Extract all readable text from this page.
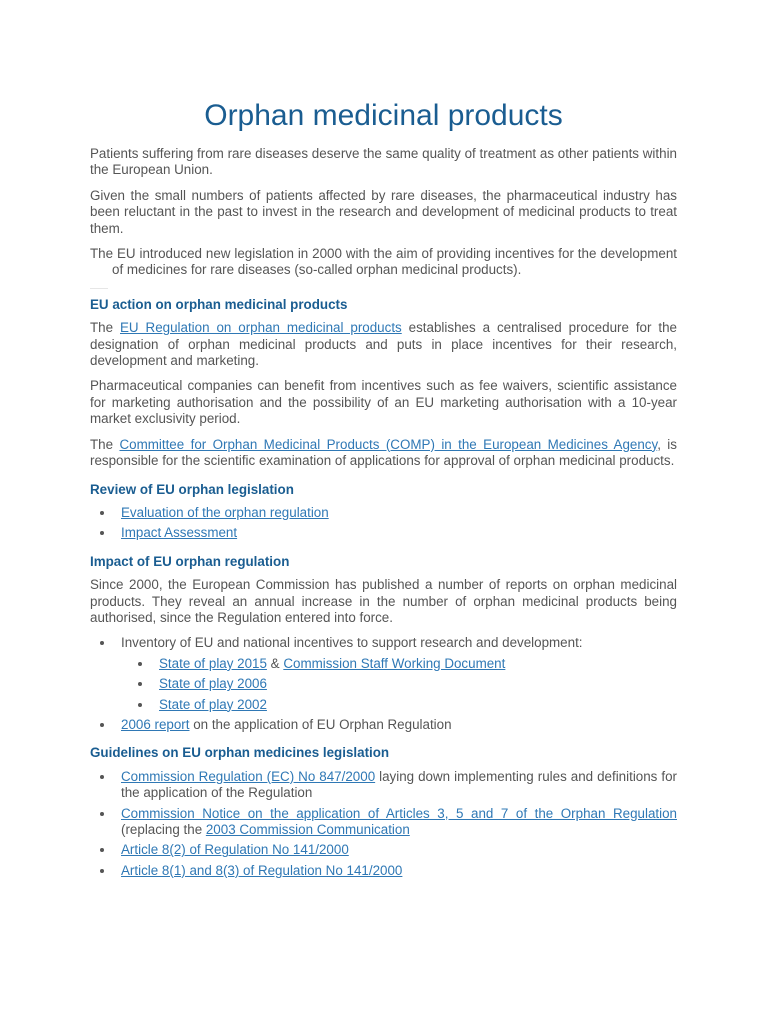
Orphan medicinal products

Patients suffering from rare diseases deserve the same quality of treatment as other patients within the European Union.

Given the small numbers of patients affected by rare diseases, the pharmaceutical industry has been reluctant in the past to invest in the research and development of medicinal products to treat them.

The EU introduced new legislation in 2000 with the aim of providing incentives for the development of medicines for rare diseases (so-called orphan medicinal products).

EU action on orphan medicinal products

The EU Regulation on orphan medicinal products establishes a centralised procedure for the designation of orphan medicinal products and puts in place incentives for their research, development and marketing.

Pharmaceutical companies can benefit from incentives such as fee waivers, scientific assistance for marketing authorisation and the possibility of an EU marketing authorisation with a 10-year market exclusivity period.

The Committee for Orphan Medicinal Products (COMP) in the European Medicines Agency, is responsible for the scientific examination of applications for approval of orphan medicinal products.

Review of EU orphan legislation
Evaluation of the orphan regulation
Impact Assessment
Impact of EU orphan regulation

Since 2000, the European Commission has published a number of reports on orphan medicinal products. They reveal an annual increase in the number of orphan medicinal products being authorised, since the Regulation entered into force.

Inventory of EU and national incentives to support research and development:
State of play 2015 & Commission Staff Working Document
State of play 2006
State of play 2002
2006 report on the application of EU Orphan Regulation
Guidelines on EU orphan medicines legislation
Commission Regulation (EC) No 847/2000 laying down implementing rules and definitions for the application of the Regulation
Commission Notice on the application of Articles 3, 5 and 7 of the Orphan Regulation (replacing the 2003 Commission Communication
Article 8(2) of Regulation No 141/2000
Article 8(1) and 8(3) of Regulation No 141/2000
